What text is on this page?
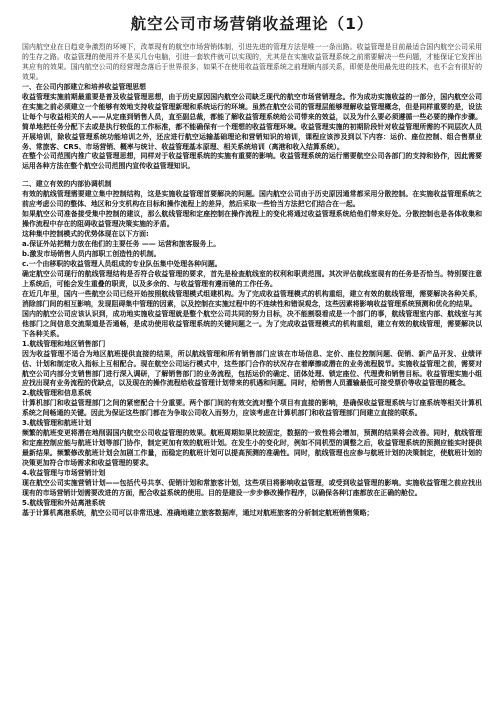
航空公司市场营销收益理论（1）

国内航空业在日趋竞争激烈的环境下，改革现有的航空市场营销体制，引进先进的管理方法是唯一一条出路。收益管理是目前最适合国内航空公司采用的生存之路。收益管理的使用并不是买几台电脑，引进一套软件就可以实现的，尤其是在实施收益管理系统之前需要解决一些问题，才能保证它发挥出其应有的效果。国内航空公司的经营理念落后于世界很多，如果不在使用收益管理系统之前理顺内部关系，即便是使用最先进的技术，也不会有很好的效果。

一、在公司内部建立和培养收益管理思想

收益管理实施前期最重要是普及收益管理思想，由于历史原因国内航空公司缺乏现代的航空市场营销理念。作为成功实施收益的一部分，国内航空公司在实施之前必须建立一个能够有效地支持收益管理新理和系统运行的环境。虽然在航空公司的管理层能够理解收益管理概念，但是同样重要的是，设法让每个与收益相关的人——从定座到销售人员，直至副总裁，都能了解收益管理系统给公司带来的效益，以及为什么要必须遵循一些必要的操作步骤。简单地把任务分配下去或是执行较低的工作标准，都不能确保有一个理想的收益管理环境。收益管理实施的初期阶段针对收益管理所需的不同层次人员开展培训，除收益管理系统功能培训之外，还应进行航空运输基础理论和营销知识的培训，课程应该涉及到以下内容：运价、座位控制、组合售票业务、常旅客、CRS、市场营销、概率与统计、收益管理基本原理、相关系统培训（离港和收入结算系统）。

在整个公司范围内推广收益管理思想，同样对于收益管理系统的实施有重要的影响。收益管理系统的运行需要航空公司各部门的支持和协作，因此需要运用各种方法在整个航空公司范围内宣传收益管理知识。

二、建立有效的内部协调机制

有效的航线管理需要建立集中控制结构，这是实施收益管理首要解决的问题。国内航空公司由于历史原因通常都采用分散控制。在实施收益管理系统之前应考虑公司的整体、地区和分支机构在目标和操作流程上的差异，然后采取一些恰当方法把它们结合在一起。

如果航空公司准备接受集中控制的建议，那么航线管理和定座控制在操作流程上的变化将通过收益管理系统给他们带来好处。分散控制也是各体收集和操作流程中存在的阻碍收益管理决策实施的矛盾。

这种集中控制模式的优势体现在以下方面:

a.保证外站把精力放在他们的主要任务 —— 运营和旅客服务上。

b.激发市场销售人员内部职工创造性的机制。

c.一个由移职的收益管理人员组成的专业队伍集中处理各种问题。

确定航空公司现行的航线管理结构是否符合收益管理的要求，首先是检查航线室的权利和职责范围。其次评估航线室现有的任务是否恰当。特别要注意上系统后，可能会发生重叠的职责，以及多余的、与收益管理有遵而驰的工作任务。

在近几年里，国内一些航空公司已经开始按照航线管理模式组建机构。为了完成收益管理模式的机构重组，建立有效的航线管理，需要解决各种关系，消除部门间的相互影响，发现阻碍集中管理的因素，以及控制在实施过程中的不连续性和错误观念，这些因素将影响收益管理系统预测和优化的结果。

国内的航空公司应该认识到，成功地实施收益管理就是整个航空公司共同的努力目标，决不能割裂看成是一个部门的事，航线管理室内部、航线室与其他部门之间信息交流渠道是否通畅，是成功使用收益管理系统的关键问题之一。为了完成收益管理模式的机构重组，建立有效的航线管理，需要解决以下各种关系。

1.航线管理和地区销售部门

因为收益管理不适合为地区航班提供直接的结果，所以航线管理和所有销售部门应该在市场信息、定价、座位控制问题、促销、新产品开发、业绩评估、计划和制定收入指标上互相配合。现在航空公司运行模式中，这些部门合作的状况存在着摩擦或潜在的业务流程脱节。实施收益管理之前，需要对航空公司内部分支销售部门进行深入调研，了解销售部门的业务流程，包括运价的确定、团体处理、锁定座位、代理费和销售目标。收益管理实施小组应找出现有业务流程的优缺点，以及现在的操作流程给收益管理计划带来的机遇和问题。同时，给销售人员灌输最低可接受票价等收益管理的概念。

2.航线管理和信息系统

计算机部门和收益管理部门之间的紧密配合十分重要。两个部门间的有效交流对整个项目有直接的影响，是确保收益管理系统与订座系统等相关计算机系统之间畅通的关键。因此为保证这些部门都在为争取公司收入而努力，应该考虑在计算机部门和收益管理部门间建立直接的联系。

3.航线管理和航班计划

频繁的航班变更将潜在地削弱国内航空公司收益管理的效果。航班周期如果比较固定，数据的一致性将会增加，预测的结果将会改善。同时，航线管理和定座控制应能与航班计划等部门协作，制定更加有效的航班计划。在发生小的变化时，例如不同机型的调整之后，收益管理系统的预测应能实时提供最新结果。频繁修改航班计划会加剧工作量，而稳定的航班计划可以提高预测的准确性。同时，航线管理也应参与航班计划的决策制定，使航班计划的决策更加符合市场需求和收益管理的要求。

4.收益管理与市场营销计划

现在航空公司实施营销计划——包括代号共享、促销计划和常旅客计划，这些项目将影响收益管理，或受到收益管理的影响。实施收益管理之前应找出现有的市场营销计划需要改进的方面，配合收益系统的使用。目的是建设一步步修改操作程序，以确保各种订座都放在正确的舱位。

5.航线管理和外站离港系统

基于计算机离港系统，航空公司可以非常迅速、准确地建立旅客数据库，通过对航班旅客的分析制定航班销售策略；
